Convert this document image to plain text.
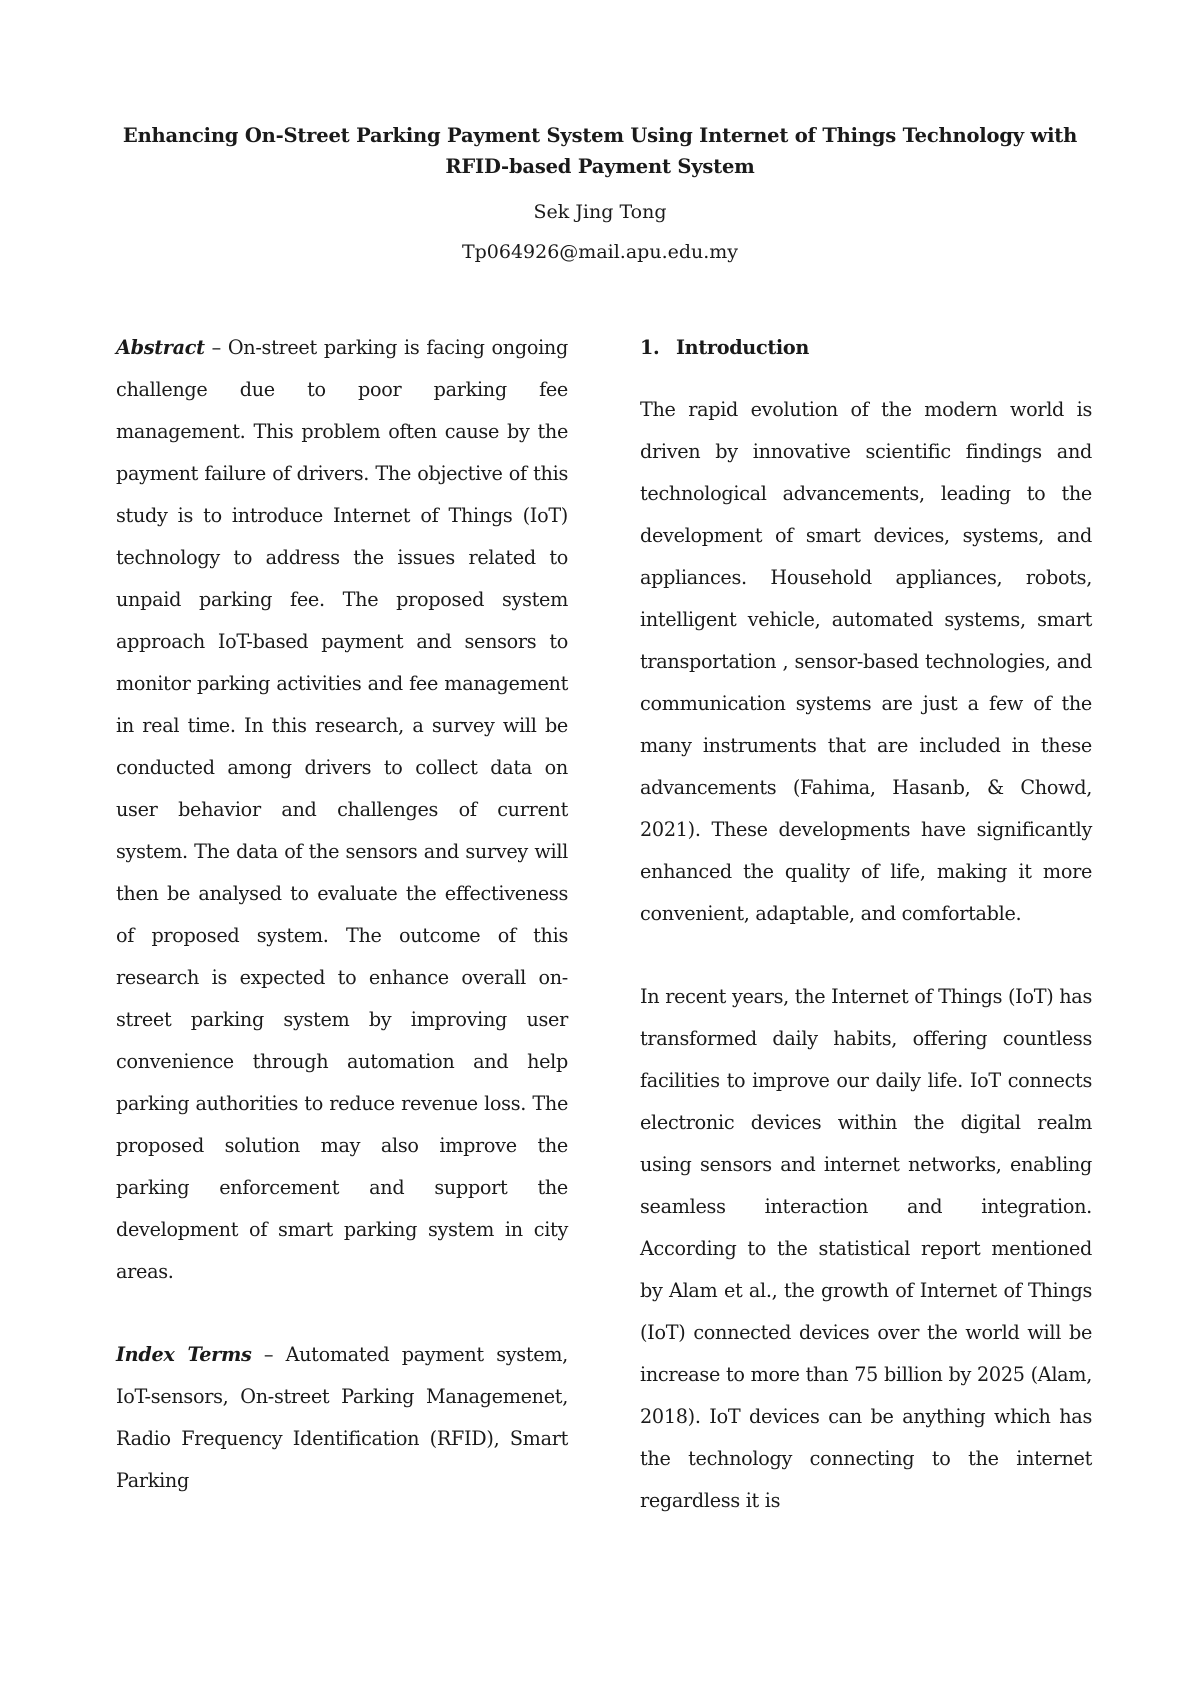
Enhancing On-Street Parking Payment System Using Internet of Things Technology with RFID-based Payment System

Sek Jing Tong

Tp064926@mail.apu.edu.my

Abstract – On-street parking is facing ongoing challenge due to poor parking fee management. This problem often cause by the payment failure of drivers. The objective of this study is to introduce Internet of Things (IoT) technology to address the issues related to unpaid parking fee. The proposed system approach IoT-based payment and sensors to monitor parking activities and fee management in real time. In this research, a survey will be conducted among drivers to collect data on user behavior and challenges of current system. The data of the sensors and survey will then be analysed to evaluate the effectiveness of proposed system. The outcome of this research is expected to enhance overall on-street parking system by improving user convenience through automation and help parking authorities to reduce revenue loss. The proposed solution may also improve the parking enforcement and support the development of smart parking system in city areas.

Index Terms – Automated payment system, IoT-sensors, On-street Parking Managemenet, Radio Frequency Identification (RFID), Smart Parking

1. Introduction

The rapid evolution of the modern world is driven by innovative scientific findings and technological advancements, leading to the development of smart devices, systems, and appliances. Household appliances, robots, intelligent vehicle, automated systems, smart transportation , sensor-based technologies, and communication systems are just a few of the many instruments that are included in these advancements (Fahima, Hasanb, & Chowd, 2021). These developments have significantly enhanced the quality of life, making it more convenient, adaptable, and comfortable.

In recent years, the Internet of Things (IoT) has transformed daily habits, offering countless facilities to improve our daily life. IoT connects electronic devices within the digital realm using sensors and internet networks, enabling seamless interaction and integration. According to the statistical report mentioned by Alam et al., the growth of Internet of Things (IoT) connected devices over the world will be increase to more than 75 billion by 2025 (Alam, 2018). IoT devices can be anything which has the technology connecting to the internet regardless it is
